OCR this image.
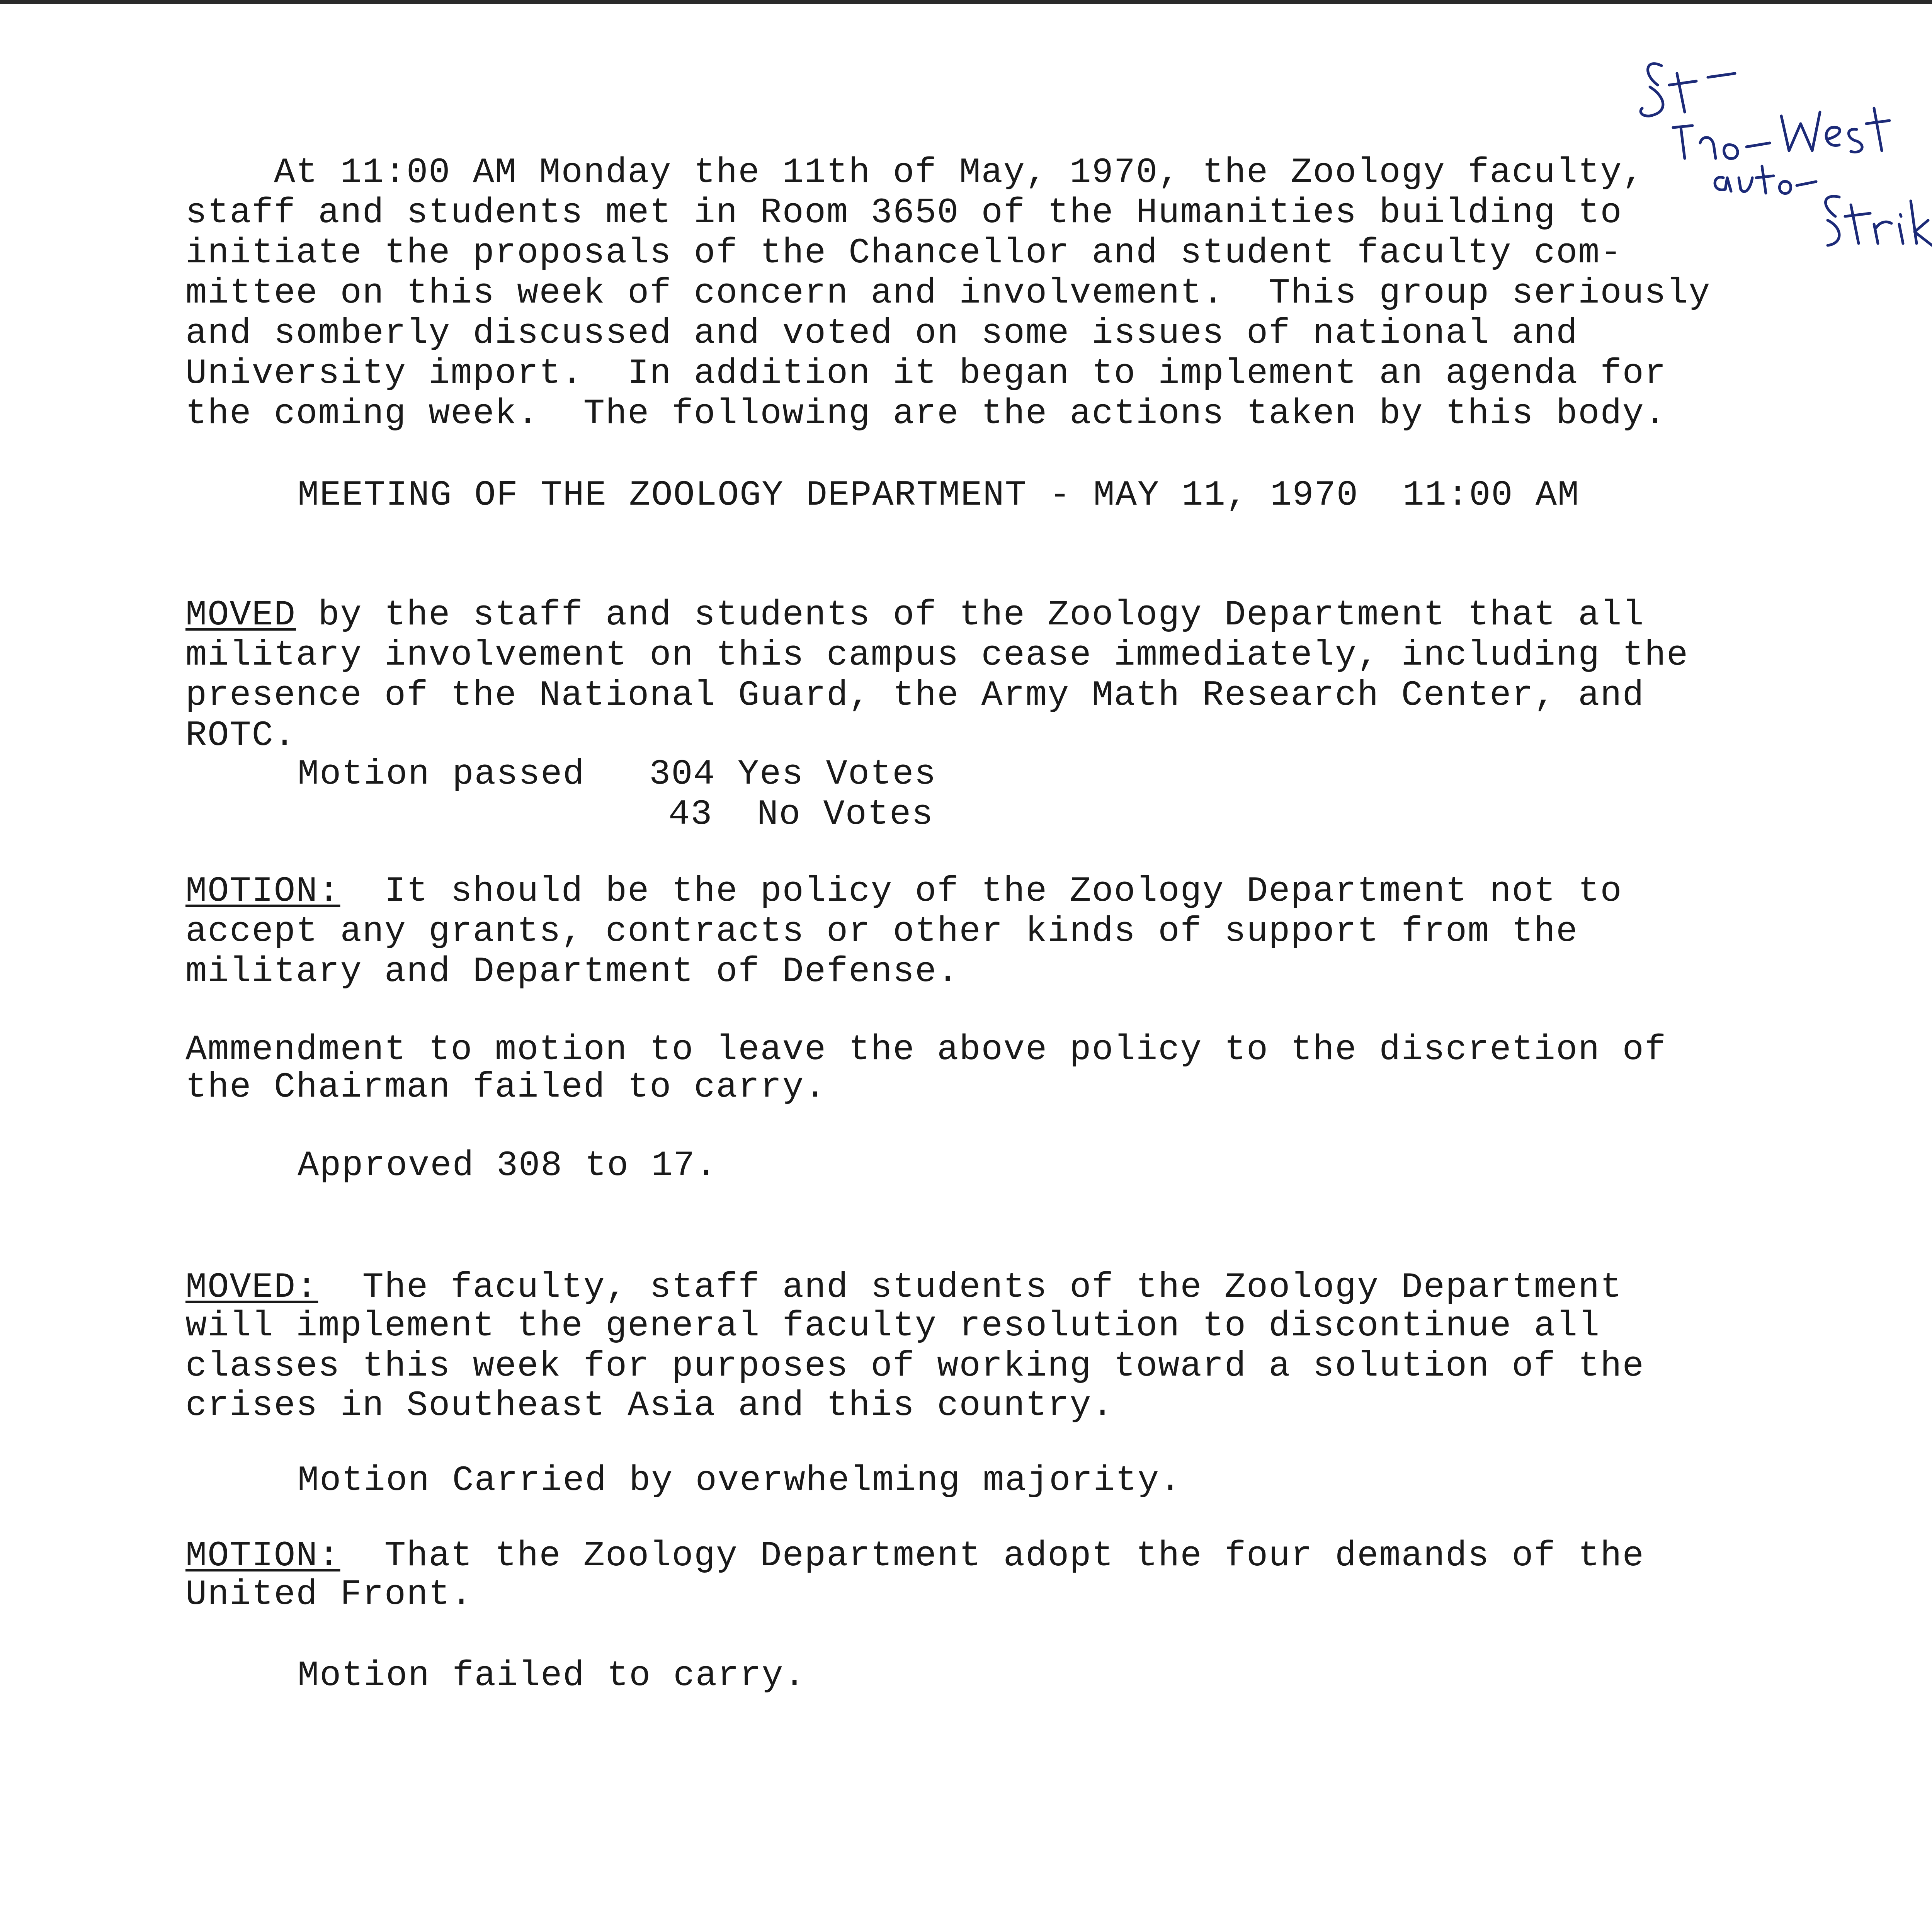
At 11:00 AM Monday the 11th of May, 1970, the Zoology faculty,
staff and students met in Room 3650 of the Humanities building to
initiate the proposals of the Chancellor and student faculty com-
mittee on this week of concern and involvement.  This group seriously
and somberly discussed and voted on some issues of national and
University import.  In addition it began to implement an agenda for
the coming week.  The following are the actions taken by this body.
MEETING OF THE ZOOLOGY DEPARTMENT - MAY 11, 1970  11:00 AM
MOVED by the staff and students of the Zoology Department that all
military involvement on this campus cease immediately, including the
presence of the National Guard, the Army Math Research Center, and
ROTC.
Motion passed	304 Yes Votes
43  No Votes
MOTION:  It should be the policy of the Zoology Department not to
accept any grants, contracts or other kinds of support from the
military and Department of Defense.
Ammendment to motion to leave the above policy to the discretion of
the Chairman failed to carry.
Approved 308 to 17.
MOVED:  The faculty, staff and students of the Zoology Department
will implement the general faculty resolution to discontinue all
classes this week for purposes of working toward a solution of the
crises in Southeast Asia and this country.
Motion Carried by overwhelming majority.
MOTION:  That the Zoology Department adopt the four demands of the
United Front.
Motion failed to carry.
